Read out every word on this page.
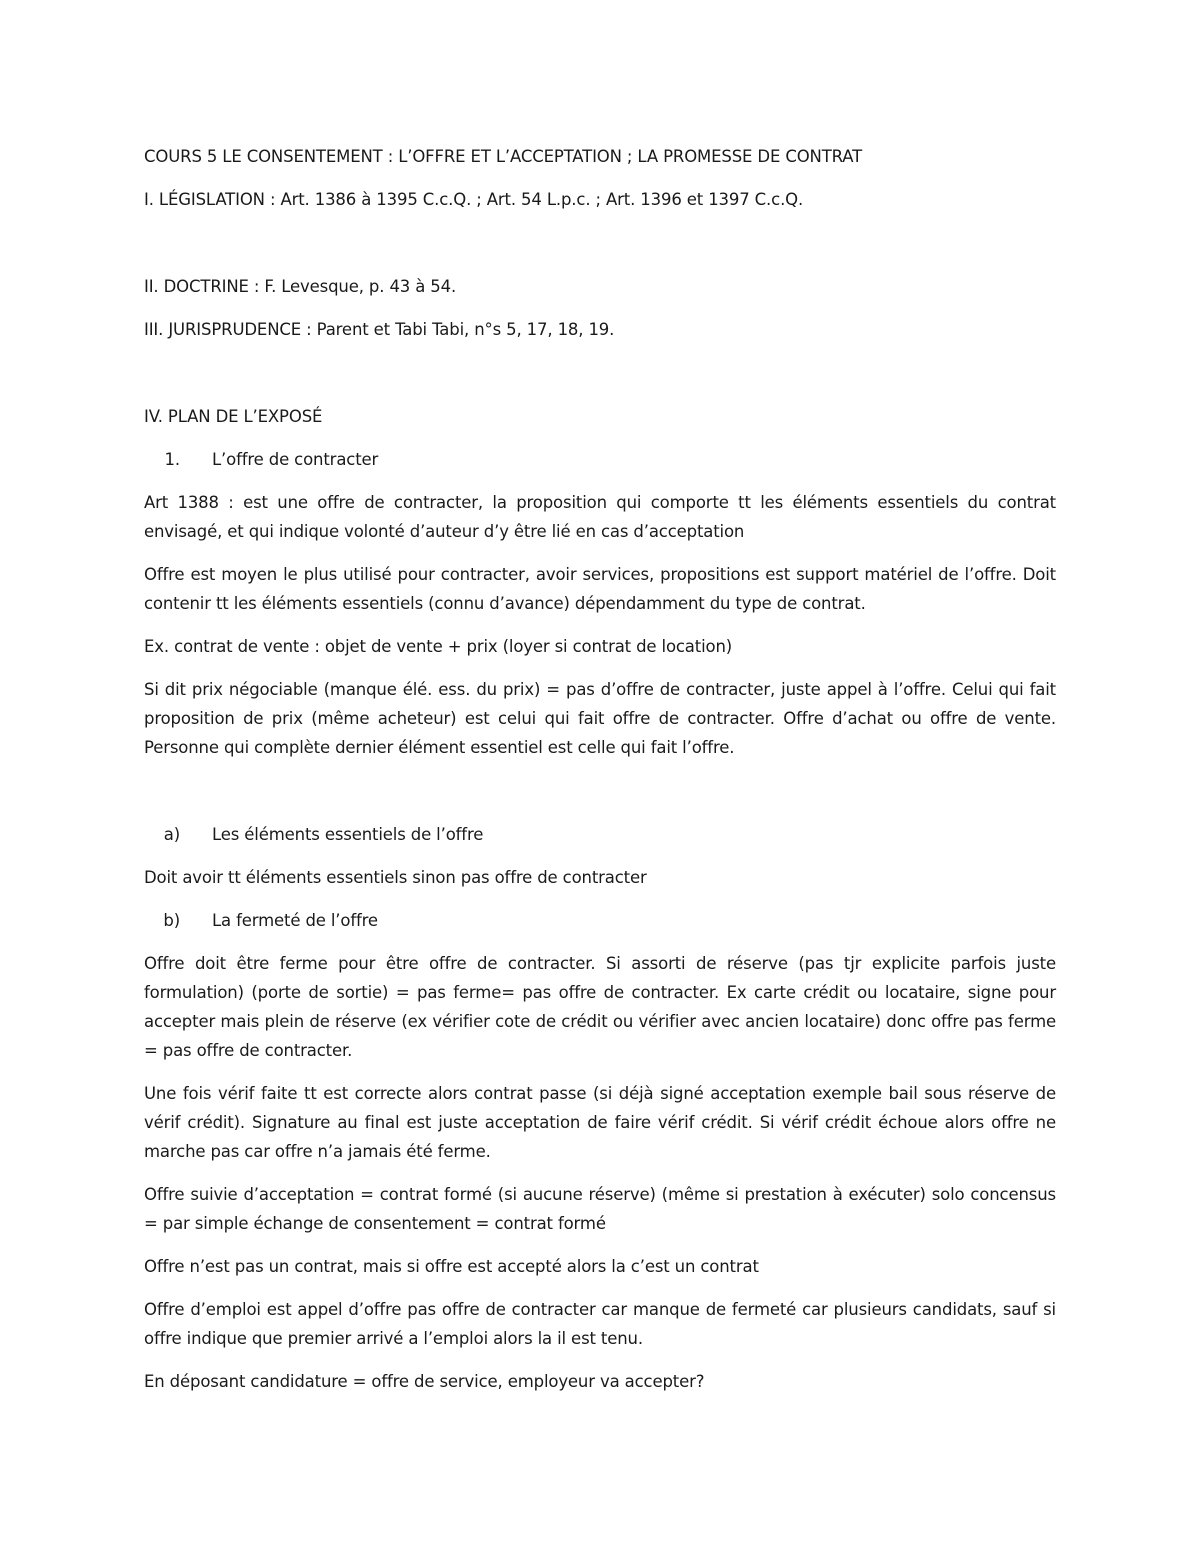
COURS 5 LE CONSENTEMENT : L’OFFRE ET L’ACCEPTATION ; LA PROMESSE DE CONTRAT

I. LÉGISLATION : Art. 1386 à 1395 C.c.Q. ; Art. 54 L.p.c. ; Art. 1396 et 1397 C.c.Q.

II. DOCTRINE : F. Levesque, p. 43 à 54.

III. JURISPRUDENCE : Parent et Tabi Tabi, n°s 5, 17, 18, 19.

IV. PLAN DE L’EXPOSÉ

1. L’offre de contracter

Art 1388 : est une offre de contracter, la proposition qui comporte tt les éléments essentiels du contrat envisagé, et qui indique volonté d’auteur d’y être lié en cas d’acceptation

Offre est moyen le plus utilisé pour contracter, avoir services, propositions est support matériel de l’offre. Doit contenir tt les éléments essentiels (connu d’avance) dépendamment du type de contrat.

Ex. contrat de vente : objet de vente + prix (loyer si contrat de location)

Si dit prix négociable (manque élé. ess. du prix) = pas d’offre de contracter, juste appel à l’offre. Celui qui fait proposition de prix (même acheteur) est celui qui fait offre de contracter. Offre d’achat ou offre de vente. Personne qui complète dernier élément essentiel est celle qui fait l’offre.

a) Les éléments essentiels de l’offre

Doit avoir tt éléments essentiels sinon pas offre de contracter

b) La fermeté de l’offre

Offre doit être ferme pour être offre de contracter. Si assorti de réserve (pas tjr explicite parfois juste formulation) (porte de sortie) = pas ferme= pas offre de contracter. Ex carte crédit ou locataire, signe pour accepter mais plein de réserve (ex vérifier cote de crédit ou vérifier avec ancien locataire) donc offre pas ferme = pas offre de contracter.

Une fois vérif faite tt est correcte alors contrat passe (si déjà signé acceptation exemple bail sous réserve de vérif crédit). Signature au final est juste acceptation de faire vérif crédit. Si vérif crédit échoue alors offre ne marche pas car offre n’a jamais été ferme.

Offre suivie d’acceptation = contrat formé (si aucune réserve) (même si prestation à exécuter) solo concensus = par simple échange de consentement = contrat formé

Offre n’est pas un contrat, mais si offre est accepté alors la c’est un contrat

Offre d’emploi est appel d’offre pas offre de contracter car manque de fermeté car plusieurs candidats, sauf si offre indique que premier arrivé a l’emploi alors la il est tenu.

En déposant candidature = offre de service, employeur va accepter?
